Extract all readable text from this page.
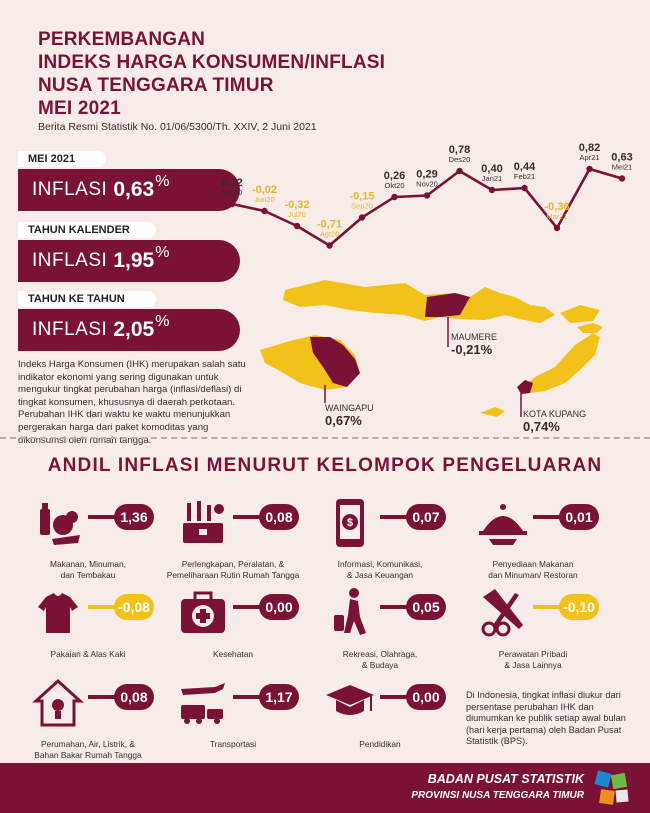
PERKEMBANGAN
INDEKS HARGA KONSUMEN/INFLASI
NUSA TENGGARA TIMUR
MEI 2021
Berita Resmi Statistik No. 01/06/5300/Th. XXIV, 2 Juni 2021
MEI 2021
INFLASI 0,63 %
TAHUN KALENDER
INFLASI 1,95 %
TAHUN KE TAHUN
INFLASI 2,05 %
0,12
Mei20 -0,02
Jun20 -0,32
Jul20
-0,71
Agt20
-0,15
Sep20
0,26
Okt20
0,29
Nov20
0,78
Des20
0,40
Jan21
0,44
Feb21
-0,36
Mar21
0,82
Apr21 0,63
Mei21
MAUMERE
-0,21%
WAINGAPU
0,67%	KOTA KUPANG
0,74%
Indeks Harga Konsumen (IHK) merupakan salah satu indikator ekonomi yang sering digunakan untuk mengukur tingkat perubahan harga (inflasi/deflasi) di tingkat konsumen, khususnya di daerah perkotaan. Perubahan IHK dari waktu ke waktu menunjukkan pergerakan harga dari paket komoditas yang dikonsumsi oleh rumah tangga.
ANDIL INFLASI MENURUT KELOMPOK PENGELUARAN
1,36
Makanan, Minuman,
dan Tembakau
0,08
Perlengkapan, Peralatan, &
Pemeliharaan Rutin Rumah Tangga
$	0,07
Informasi, Komunikasi,
& Jasa Keuangan
0,01
Penyediaan Makanan
dan Minuman/ Restoran
-0,08
Pakaian & Alas Kaki
0,00
Kesehatan
0,05
Rekreasi, Olahraga,
& Budaya
-0,10
Perawatan Pribadi
& Jasa Lainnya
0,08
Perumahan, Air, Listrik, &
Bahan Bakar Rumah Tangga
1,17
Transportasi
0,00
Pendidikan
Di Indonesia, tingkat inflasi diukur dari persentase perubahan IHK dan diumumkan ke publik setiap awal bulan (hari kerja pertama) oleh Badan Pusat Statistik (BPS).
BADAN PUSAT STATISTIK
PROVINSI NUSA TENGGARA TIMUR
